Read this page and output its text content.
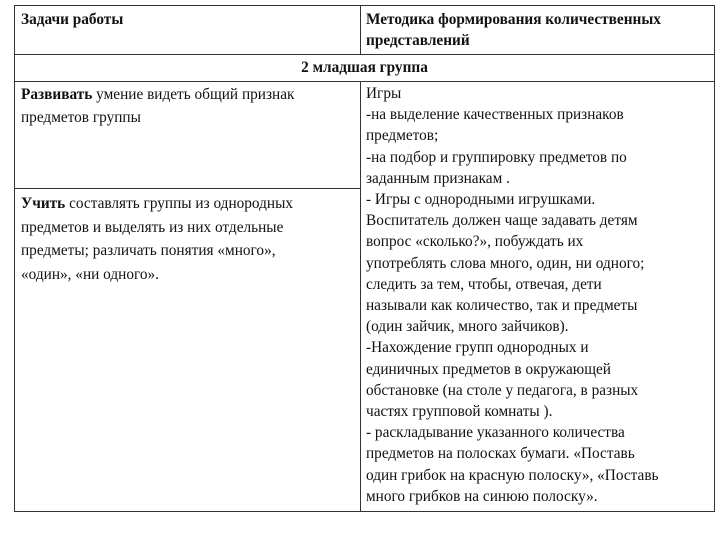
Задачи работы	Методика формирования количественных
представлений
2 младшая группа
Развивать умение видеть общий признак
предметов группы
Учить составлять группы из однородных
предметов и выделять из них отдельные
предметы; различать понятия «много»,
«один», «ни одного».
Игры
-на выделение качественных признаков
предметов;
-на подбор и группировку предметов по
заданным признакам .
- Игры с однородными игрушками.
Воспитатель должен чаще задавать детям
вопрос «сколько?», побуждать их
употреблять слова много, один, ни одного;
следить за тем, чтобы, отвечая, дети
называли как количество, так и предметы
(один зайчик, много зайчиков).
-Нахождение групп однородных и
единичных предметов в окружающей
обстановке (на столе у педагога, в разных
частях групповой комнаты ).
- раскладывание указанного количества
предметов на полосках бумаги. «Поставь
один грибок на красную полоску», «Поставь
много грибков на синюю полоску».
